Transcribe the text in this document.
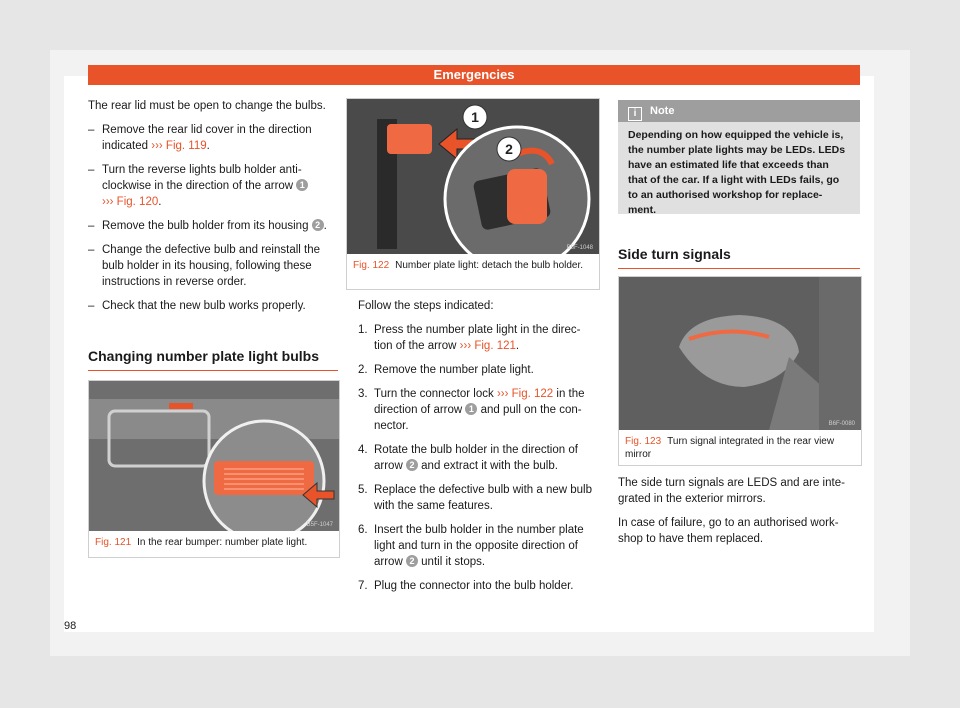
Emergencies

The rear lid must be open to change the bulbs.

– Remove the rear lid cover in the direction indicated ››› Fig. 119.
– Turn the reverse lights bulb holder anti-clockwise in the direction of the arrow 1
››› Fig. 120.
– Remove the bulb holder from its housing 2 .
– Change the defective bulb and reinstall the bulb holder in its housing, following these instructions in reverse order.
– Check that the new bulb works properly.
Changing number plate light bulbs
B5F-1047
Fig. 121 In the rear bumper: number plate light.
1
2
B5F-1048
Fig. 122 Number plate light: detach the bulb holder.

Follow the steps indicated:

1. Press the number plate light in the direc-tion of the arrow ››› Fig. 121.
2. Remove the number plate light.
3. Turn the connector lock ››› Fig. 122 in the direction of arrow 1 and pull on the con-nector.
4. Rotate the bulb holder in the direction of arrow 2 and extract it with the bulb.
5. Replace the defective bulb with a new bulb with the same features.
6. Insert the bulb holder in the number plate light and turn in the opposite direction of arrow 2 until it stops.
7. Plug the connector into the bulb holder.
i Note
Depending on how equipped the vehicle is, the number plate lights may be LEDs. LEDs have an estimated life that exceeds than that of the car. If a light with LEDs fails, go to an authorised workshop for replace-ment.
Side turn signals
B6F-0080
Fig. 123 Turn signal integrated in the rear view mirror

The side turn signals are LEDS and are inte-grated in the exterior mirrors.

In case of failure, go to an authorised work-shop to have them replaced.

98
